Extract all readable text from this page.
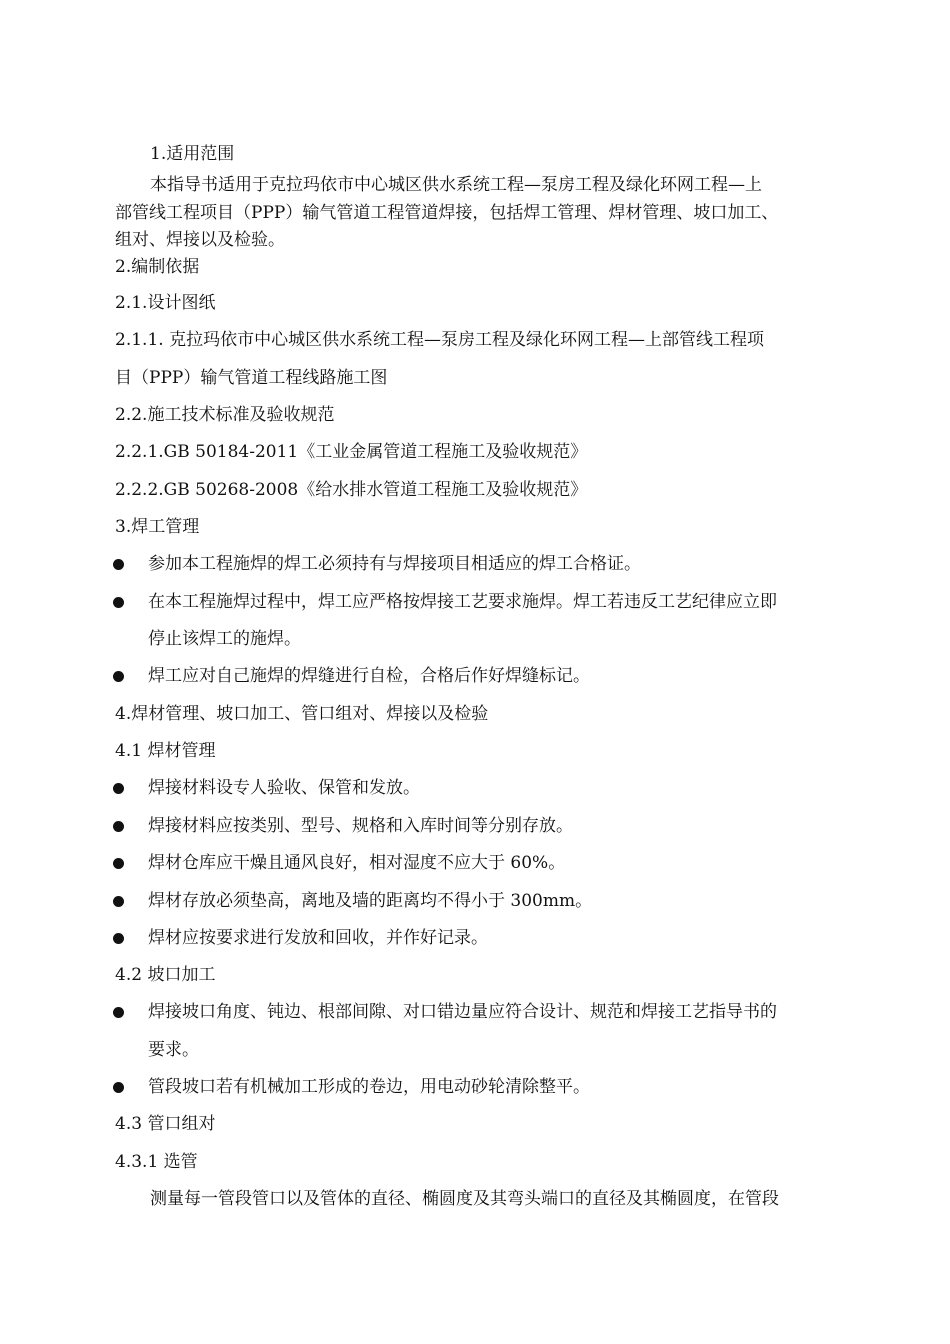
1.适用范围
本指导书适用于克拉玛依市中心城区供水系统工程—泵房工程及绿化环网工程—上
部管线工程项目（PPP）输气管道工程管道焊接，包括焊工管理、焊材管理、坡口加工、
组对、焊接以及检验。
2.编制依据
2.1.设计图纸
2.1.1. 克拉玛依市中心城区供水系统工程—泵房工程及绿化环网工程—上部管线工程项
目（PPP）输气管道工程线路施工图
2.2.施工技术标准及验收规范
2.2.1.GB 50184-2011《工业金属管道工程施工及验收规范》
2.2.2.GB 50268-2008《给水排水管道工程施工及验收规范》
3.焊工管理
参加本工程施焊的焊工必须持有与焊接项目相适应的焊工合格证。
在本工程施焊过程中，焊工应严格按焊接工艺要求施焊。焊工若违反工艺纪律应立即
停止该焊工的施焊。
焊工应对自己施焊的焊缝进行自检，合格后作好焊缝标记。
4.焊材管理、坡口加工、管口组对、焊接以及检验
4.1 焊材管理
焊接材料设专人验收、保管和发放。
焊接材料应按类别、型号、规格和入库时间等分别存放。
焊材仓库应干燥且通风良好，相对湿度不应大于 60%。
焊材存放必须垫高，离地及墙的距离均不得小于 300mm。
焊材应按要求进行发放和回收，并作好记录。
4.2 坡口加工
焊接坡口角度、钝边、根部间隙、对口错边量应符合设计、规范和焊接工艺指导书的
要求。
管段坡口若有机械加工形成的卷边，用电动砂轮清除整平。
4.3 管口组对
4.3.1 选管
测量每一管段管口以及管体的直径、椭圆度及其弯头端口的直径及其椭圆度，在管段
